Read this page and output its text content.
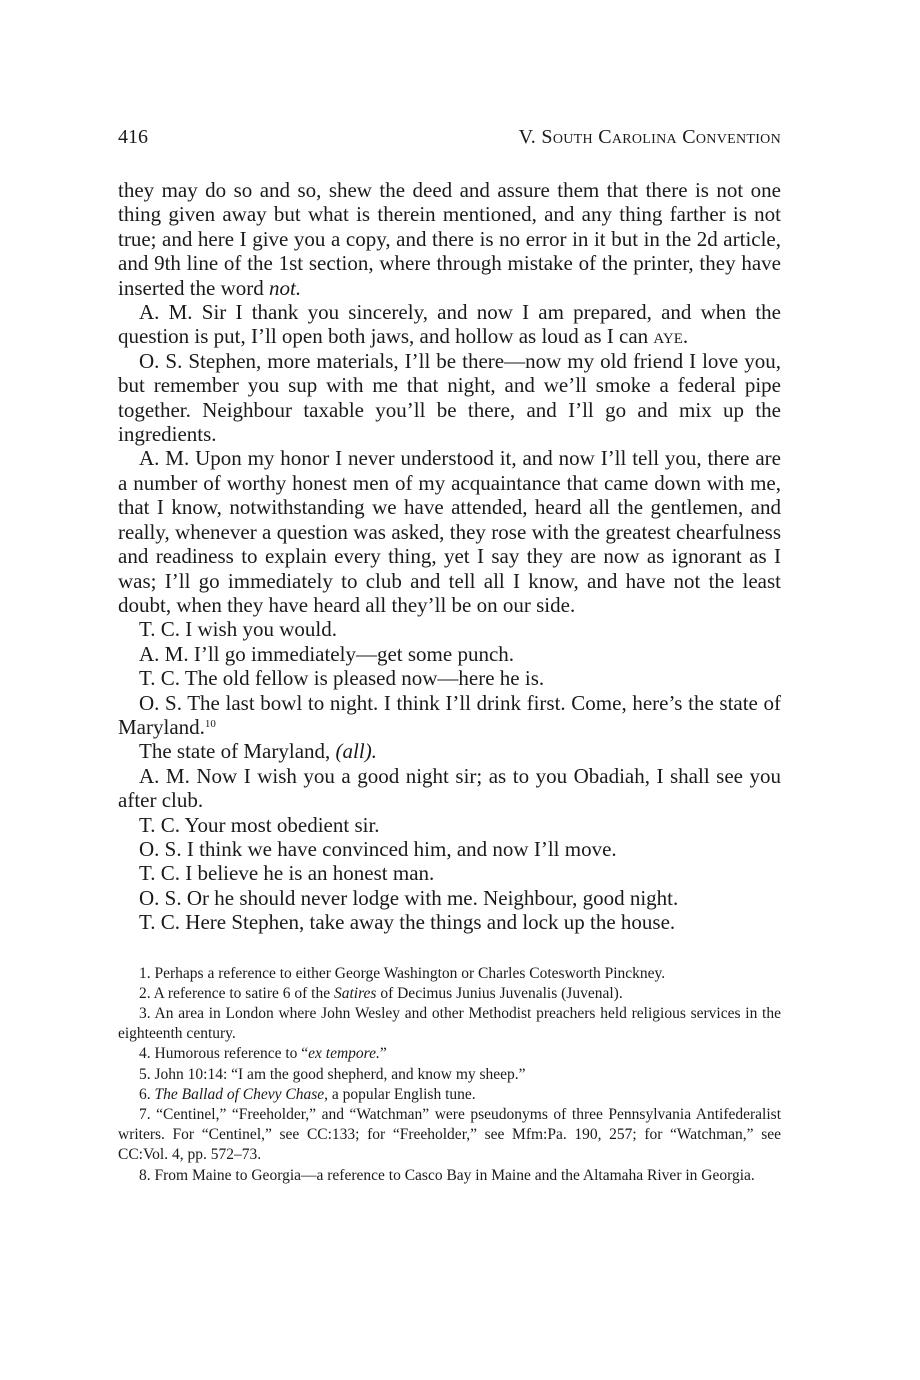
416	V. South Carolina Convention

they may do so and so, shew the deed and assure them that there is not one thing given away but what is therein mentioned, and any thing farther is not true; and here I give you a copy, and there is no error in it but in the 2d article, and 9th line of the 1st section, where through mistake of the printer, they have inserted the word not.

A. M. Sir I thank you sincerely, and now I am prepared, and when the question is put, I’ll open both jaws, and hollow as loud as I can aye.

O. S. Stephen, more materials, I’ll be there—now my old friend I love you, but remember you sup with me that night, and we’ll smoke a federal pipe together. Neighbour taxable you’ll be there, and I’ll go and mix up the ingredients.

A. M. Upon my honor I never understood it, and now I’ll tell you, there are a number of worthy honest men of my acquaintance that came down with me, that I know, notwithstanding we have attended, heard all the gentlemen, and really, whenever a question was asked, they rose with the greatest chearfulness and readiness to explain every thing, yet I say they are now as ignorant as I was; I’ll go immediately to club and tell all I know, and have not the least doubt, when they have heard all they’ll be on our side.

T. C. I wish you would.

A. M. I’ll go immediately—get some punch.

T. C. The old fellow is pleased now—here he is.

O. S. The last bowl to night. I think I’ll drink first. Come, here’s the state of Maryland.$^{10}$

The state of Maryland, (all).

A. M. Now I wish you a good night sir; as to you Obadiah, I shall see you after club.

T. C. Your most obedient sir.

O. S. I think we have convinced him, and now I’ll move.

T. C. I believe he is an honest man.

O. S. Or he should never lodge with me. Neighbour, good night.

T. C. Here Stephen, take away the things and lock up the house.

1. Perhaps a reference to either George Washington or Charles Cotesworth Pinckney.

2. A reference to satire 6 of the Satires of Decimus Junius Juvenalis (Juvenal).

3. An area in London where John Wesley and other Methodist preachers held religious services in the eighteenth century.

4. Humorous reference to “ex tempore.”

5. John 10:14: “I am the good shepherd, and know my sheep.”

6. The Ballad of Chevy Chase, a popular English tune.

7. “Centinel,” “Freeholder,” and “Watchman” were pseudonyms of three Pennsylvania Antifederalist writers. For “Centinel,” see CC:133; for “Freeholder,” see Mfm:Pa. 190, 257; for “Watchman,” see CC:Vol. 4, pp. 572–73.

8. From Maine to Georgia—a reference to Casco Bay in Maine and the Altamaha River in Georgia.
